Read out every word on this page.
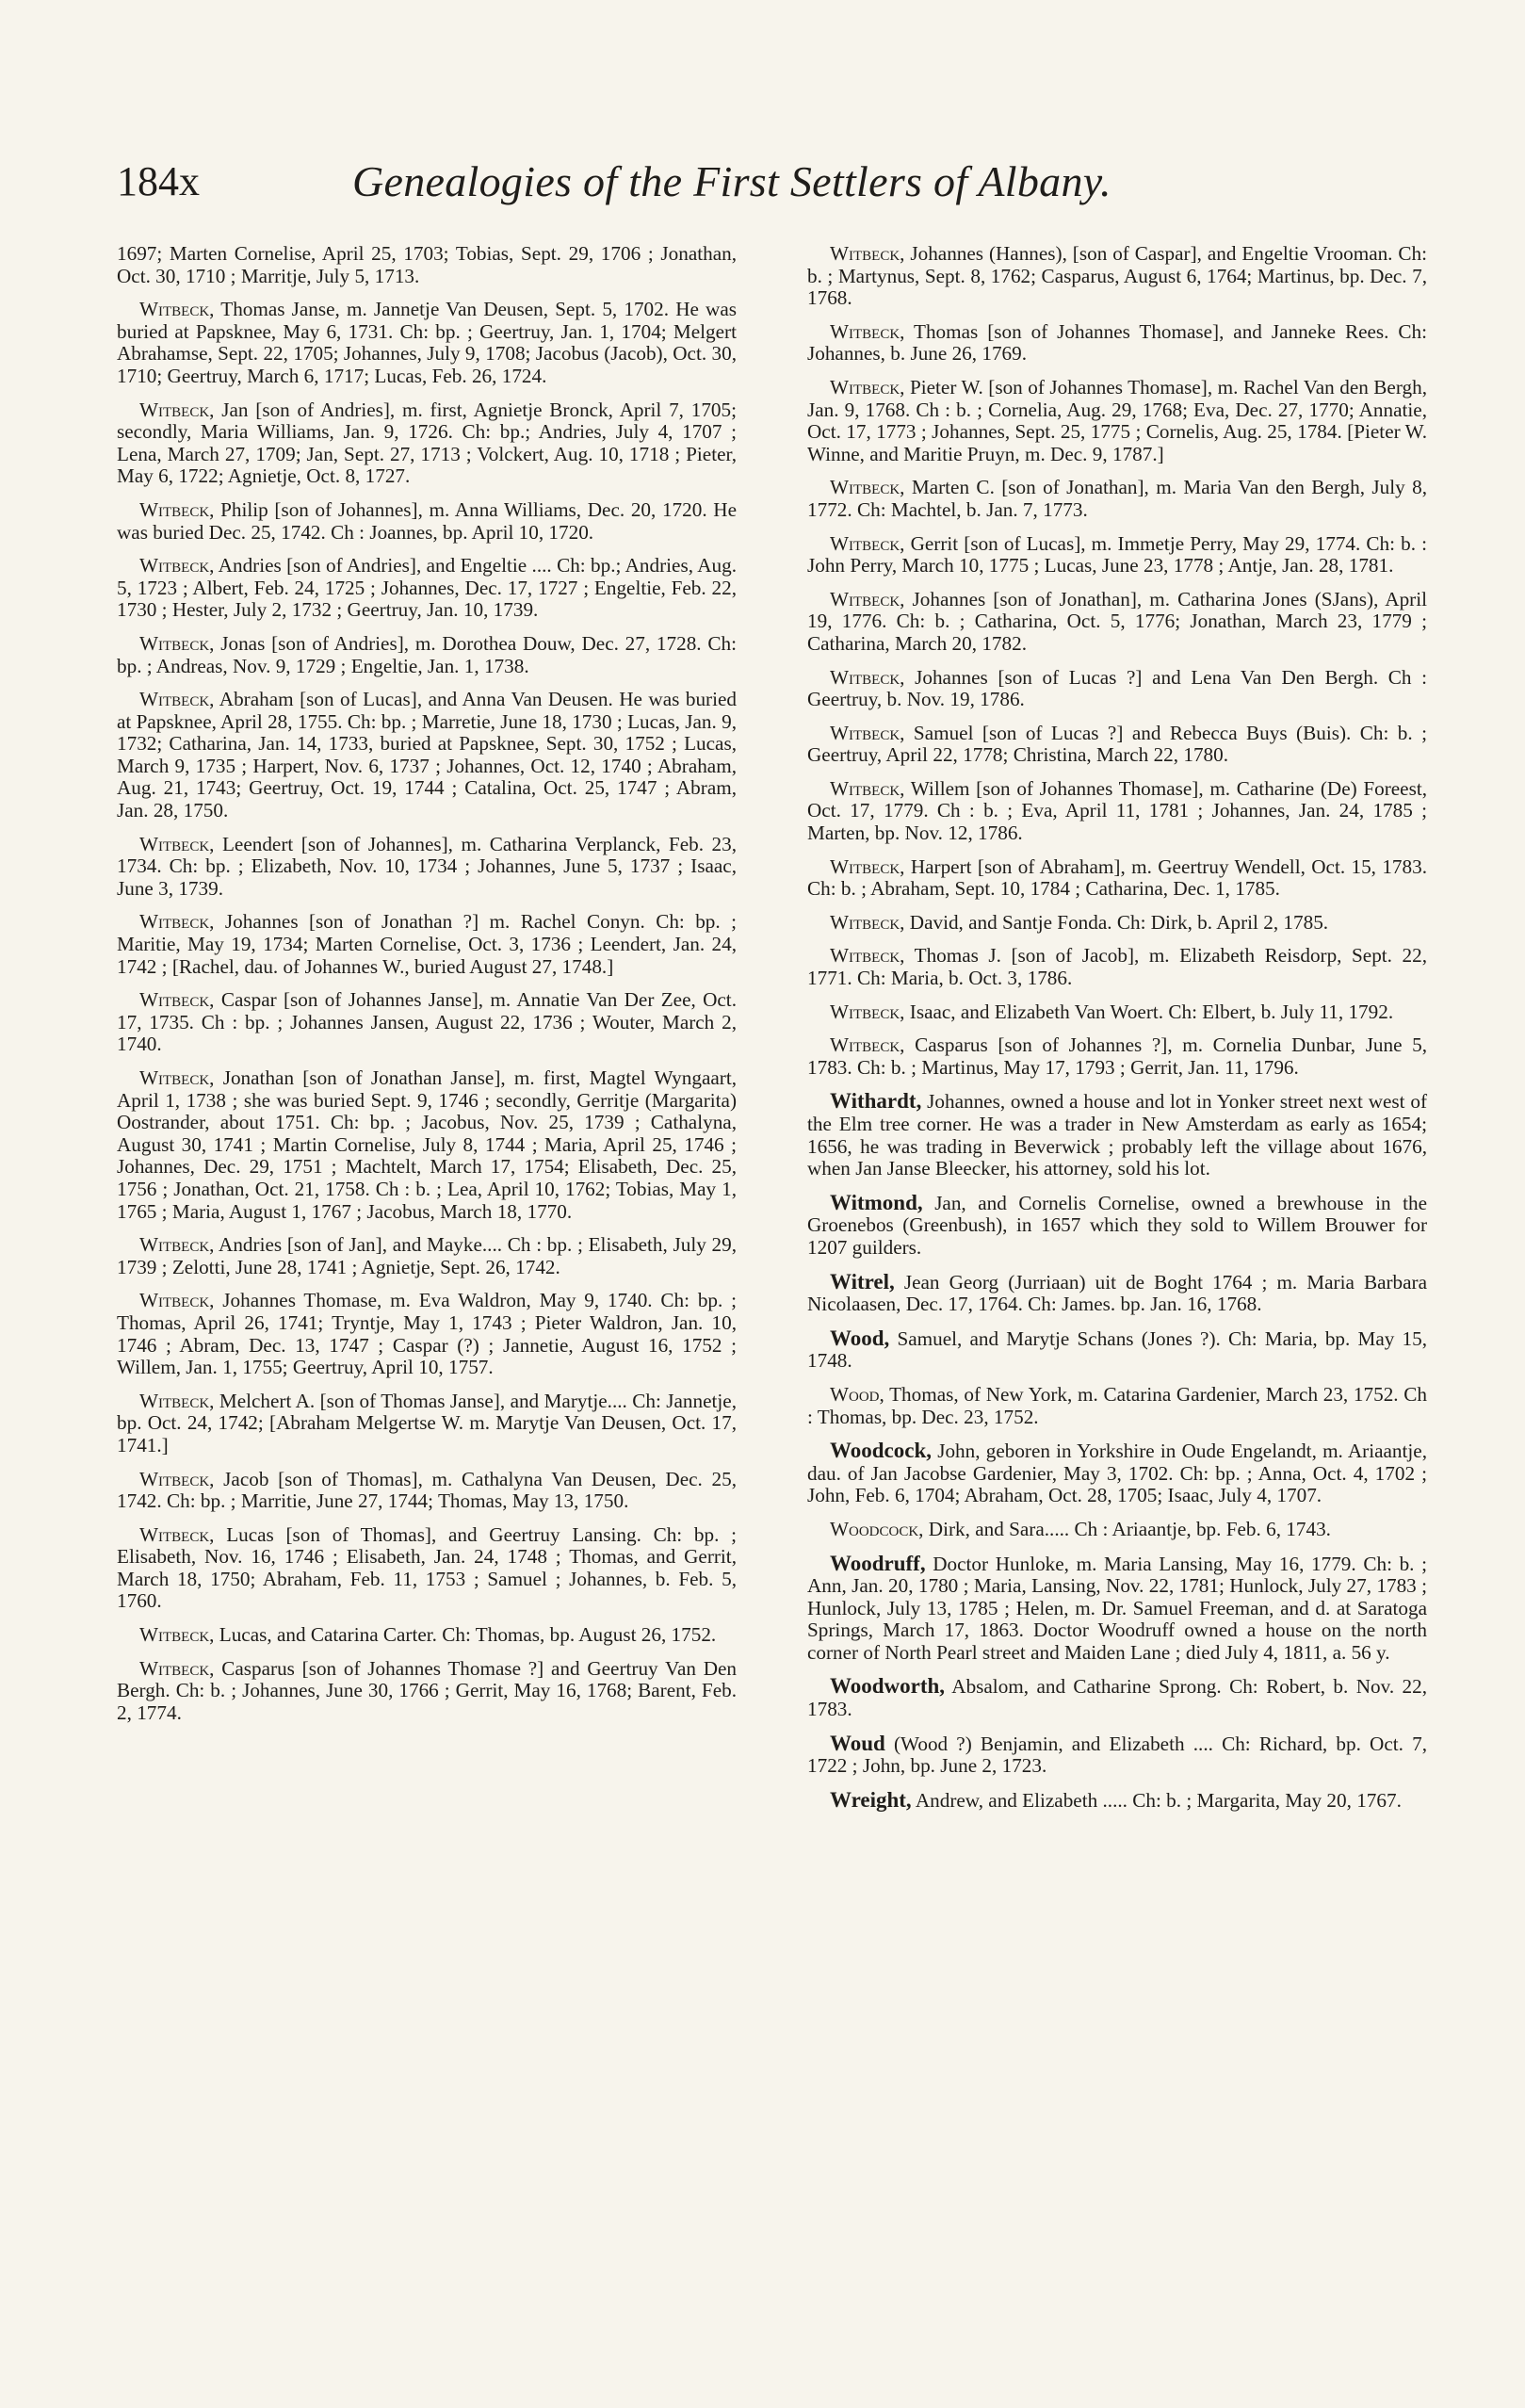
184x	Genealogies of the First Settlers of Albany.

1697; Marten Cornelise, April 25, 1703; Tobias, Sept. 29, 1706 ; Jonathan, Oct. 30, 1710 ; Marritje, July 5, 1713.

Witbeck, Thomas Janse, m. Jannetje Van Deusen, Sept. 5, 1702. He was buried at Papsknee, May 6, 1731. Ch: bp. ; Geertruy, Jan. 1, 1704; Melgert Abrahamse, Sept. 22, 1705; Johannes, July 9, 1708; Jacobus (Jacob), Oct. 30, 1710; Geertruy, March 6, 1717; Lucas, Feb. 26, 1724.

Witbeck, Jan [son of Andries], m. first, Agnietje Bronck, April 7, 1705; secondly, Maria Williams, Jan. 9, 1726. Ch: bp.; Andries, July 4, 1707 ; Lena, March 27, 1709; Jan, Sept. 27, 1713 ; Volckert, Aug. 10, 1718 ; Pieter, May 6, 1722; Agnietje, Oct. 8, 1727.

Witbeck, Philip [son of Johannes], m. Anna Williams, Dec. 20, 1720. He was buried Dec. 25, 1742. Ch : Joannes, bp. April 10, 1720.

Witbeck, Andries [son of Andries], and Engeltie .... Ch: bp.; Andries, Aug. 5, 1723 ; Albert, Feb. 24, 1725 ; Johannes, Dec. 17, 1727 ; Engeltie, Feb. 22, 1730 ; Hester, July 2, 1732 ; Geertruy, Jan. 10, 1739.

Witbeck, Jonas [son of Andries], m. Dorothea Douw, Dec. 27, 1728. Ch: bp. ; Andreas, Nov. 9, 1729 ; Engeltie, Jan. 1, 1738.

Witbeck, Abraham [son of Lucas], and Anna Van Deusen. He was buried at Papsknee, April 28, 1755. Ch: bp. ; Marretie, June 18, 1730 ; Lucas, Jan. 9, 1732; Catharina, Jan. 14, 1733, buried at Papsknee, Sept. 30, 1752 ; Lucas, March 9, 1735 ; Harpert, Nov. 6, 1737 ; Johannes, Oct. 12, 1740 ; Abraham, Aug. 21, 1743; Geertruy, Oct. 19, 1744 ; Catalina, Oct. 25, 1747 ; Abram, Jan. 28, 1750.

Witbeck, Leendert [son of Johannes], m. Catharina Verplanck, Feb. 23, 1734. Ch: bp. ; Elizabeth, Nov. 10, 1734 ; Johannes, June 5, 1737 ; Isaac, June 3, 1739.

Witbeck, Johannes [son of Jonathan ?] m. Rachel Conyn. Ch: bp. ; Maritie, May 19, 1734; Marten Cornelise, Oct. 3, 1736 ; Leendert, Jan. 24, 1742 ; [Rachel, dau. of Johannes W., buried August 27, 1748.]

Witbeck, Caspar [son of Johannes Janse], m. Annatie Van Der Zee, Oct. 17, 1735. Ch : bp. ; Johannes Jansen, August 22, 1736 ; Wouter, March 2, 1740.

Witbeck, Jonathan [son of Jonathan Janse], m. first, Magtel Wyngaart, April 1, 1738 ; she was buried Sept. 9, 1746 ; secondly, Gerritje (Margarita) Oostrander, about 1751. Ch: bp. ; Jacobus, Nov. 25, 1739 ; Cathalyna, August 30, 1741 ; Martin Cornelise, July 8, 1744 ; Maria, April 25, 1746 ; Johannes, Dec. 29, 1751 ; Machtelt, March 17, 1754; Elisabeth, Dec. 25, 1756 ; Jonathan, Oct. 21, 1758. Ch : b. ; Lea, April 10, 1762; Tobias, May 1, 1765 ; Maria, August 1, 1767 ; Jacobus, March 18, 1770.

Witbeck, Andries [son of Jan], and Mayke.... Ch : bp. ; Elisabeth, July 29, 1739 ; Zelotti, June 28, 1741 ; Agnietje, Sept. 26, 1742.

Witbeck, Johannes Thomase, m. Eva Waldron, May 9, 1740. Ch: bp. ; Thomas, April 26, 1741; Tryntje, May 1, 1743 ; Pieter Waldron, Jan. 10, 1746 ; Abram, Dec. 13, 1747 ; Caspar (?) ; Jannetie, August 16, 1752 ; Willem, Jan. 1, 1755; Geertruy, April 10, 1757.

Witbeck, Melchert A. [son of Thomas Janse], and Marytje.... Ch: Jannetje, bp. Oct. 24, 1742; [Abraham Melgertse W. m. Marytje Van Deusen, Oct. 17, 1741.]

Witbeck, Jacob [son of Thomas], m. Cathalyna Van Deusen, Dec. 25, 1742. Ch: bp. ; Marritie, June 27, 1744; Thomas, May 13, 1750.

Witbeck, Lucas [son of Thomas], and Geertruy Lansing. Ch: bp. ; Elisabeth, Nov. 16, 1746 ; Elisabeth, Jan. 24, 1748 ; Thomas, and Gerrit, March 18, 1750; Abraham, Feb. 11, 1753 ; Samuel ; Johannes, b. Feb. 5, 1760.

Witbeck, Lucas, and Catarina Carter. Ch: Thomas, bp. August 26, 1752.

Witbeck, Casparus [son of Johannes Thomase ?] and Geertruy Van Den Bergh. Ch: b. ; Johannes, June 30, 1766 ; Gerrit, May 16, 1768; Barent, Feb. 2, 1774.

Witbeck, Johannes (Hannes), [son of Caspar], and Engeltie Vrooman. Ch: b. ; Martynus, Sept. 8, 1762; Casparus, August 6, 1764; Martinus, bp. Dec. 7, 1768.

Witbeck, Thomas [son of Johannes Thomase], and Janneke Rees. Ch: Johannes, b. June 26, 1769.

Witbeck, Pieter W. [son of Johannes Thomase], m. Rachel Van den Bergh, Jan. 9, 1768. Ch : b. ; Cornelia, Aug. 29, 1768; Eva, Dec. 27, 1770; Annatie, Oct. 17, 1773 ; Johannes, Sept. 25, 1775 ; Cornelis, Aug. 25, 1784. [Pieter W. Winne, and Maritie Pruyn, m. Dec. 9, 1787.]

Witbeck, Marten C. [son of Jonathan], m. Maria Van den Bergh, July 8, 1772. Ch: Machtel, b. Jan. 7, 1773.

Witbeck, Gerrit [son of Lucas], m. Immetje Perry, May 29, 1774. Ch: b. : John Perry, March 10, 1775 ; Lucas, June 23, 1778 ; Antje, Jan. 28, 1781.

Witbeck, Johannes [son of Jonathan], m. Catharina Jones (SJans), April 19, 1776. Ch: b. ; Catharina, Oct. 5, 1776; Jonathan, March 23, 1779 ; Catharina, March 20, 1782.

Witbeck, Johannes [son of Lucas ?] and Lena Van Den Bergh. Ch : Geertruy, b. Nov. 19, 1786.

Witbeck, Samuel [son of Lucas ?] and Rebecca Buys (Buis). Ch: b. ; Geertruy, April 22, 1778; Christina, March 22, 1780.

Witbeck, Willem [son of Johannes Thomase], m. Catharine (De) Foreest, Oct. 17, 1779. Ch : b. ; Eva, April 11, 1781 ; Johannes, Jan. 24, 1785 ; Marten, bp. Nov. 12, 1786.

Witbeck, Harpert [son of Abraham], m. Geertruy Wendell, Oct. 15, 1783. Ch: b. ; Abraham, Sept. 10, 1784 ; Catharina, Dec. 1, 1785.

Witbeck, David, and Santje Fonda. Ch: Dirk, b. April 2, 1785.

Witbeck, Thomas J. [son of Jacob], m. Elizabeth Reisdorp, Sept. 22, 1771. Ch: Maria, b. Oct. 3, 1786.

Witbeck, Isaac, and Elizabeth Van Woert. Ch: Elbert, b. July 11, 1792.

Witbeck, Casparus [son of Johannes ?], m. Cornelia Dunbar, June 5, 1783. Ch: b. ; Martinus, May 17, 1793 ; Gerrit, Jan. 11, 1796.

Withardt, Johannes, owned a house and lot in Yonker street next west of the Elm tree corner. He was a trader in New Amsterdam as early as 1654; 1656, he was trading in Beverwick ; probably left the village about 1676, when Jan Janse Bleecker, his attorney, sold his lot.

Witmond, Jan, and Cornelis Cornelise, owned a brewhouse in the Groenebos (Greenbush), in 1657 which they sold to Willem Brouwer for 1207 guilders.

Witrel, Jean Georg (Jurriaan) uit de Boght 1764 ; m. Maria Barbara Nicolaasen, Dec. 17, 1764. Ch: James. bp. Jan. 16, 1768.

Wood, Samuel, and Marytje Schans (Jones ?). Ch: Maria, bp. May 15, 1748.

Wood, Thomas, of New York, m. Catarina Gardenier, March 23, 1752. Ch : Thomas, bp. Dec. 23, 1752.

Woodcock, John, geboren in Yorkshire in Oude Engelandt, m. Ariaantje, dau. of Jan Jacobse Gardenier, May 3, 1702. Ch: bp. ; Anna, Oct. 4, 1702 ; John, Feb. 6, 1704; Abraham, Oct. 28, 1705; Isaac, July 4, 1707.

Woodcock, Dirk, and Sara..... Ch : Ariaantje, bp. Feb. 6, 1743.

Woodruff, Doctor Hunloke, m. Maria Lansing, May 16, 1779. Ch: b. ; Ann, Jan. 20, 1780 ; Maria, Lansing, Nov. 22, 1781; Hunlock, July 27, 1783 ; Hunlock, July 13, 1785 ; Helen, m. Dr. Samuel Freeman, and d. at Saratoga Springs, March 17, 1863. Doctor Woodruff owned a house on the north corner of North Pearl street and Maiden Lane ; died July 4, 1811, a. 56 y.

Woodworth, Absalom, and Catharine Sprong. Ch: Robert, b. Nov. 22, 1783.

Woud (Wood ?) Benjamin, and Elizabeth .... Ch: Richard, bp. Oct. 7, 1722 ; John, bp. June 2, 1723.

Wreight, Andrew, and Elizabeth ..... Ch: b. ; Margarita, May 20, 1767.
